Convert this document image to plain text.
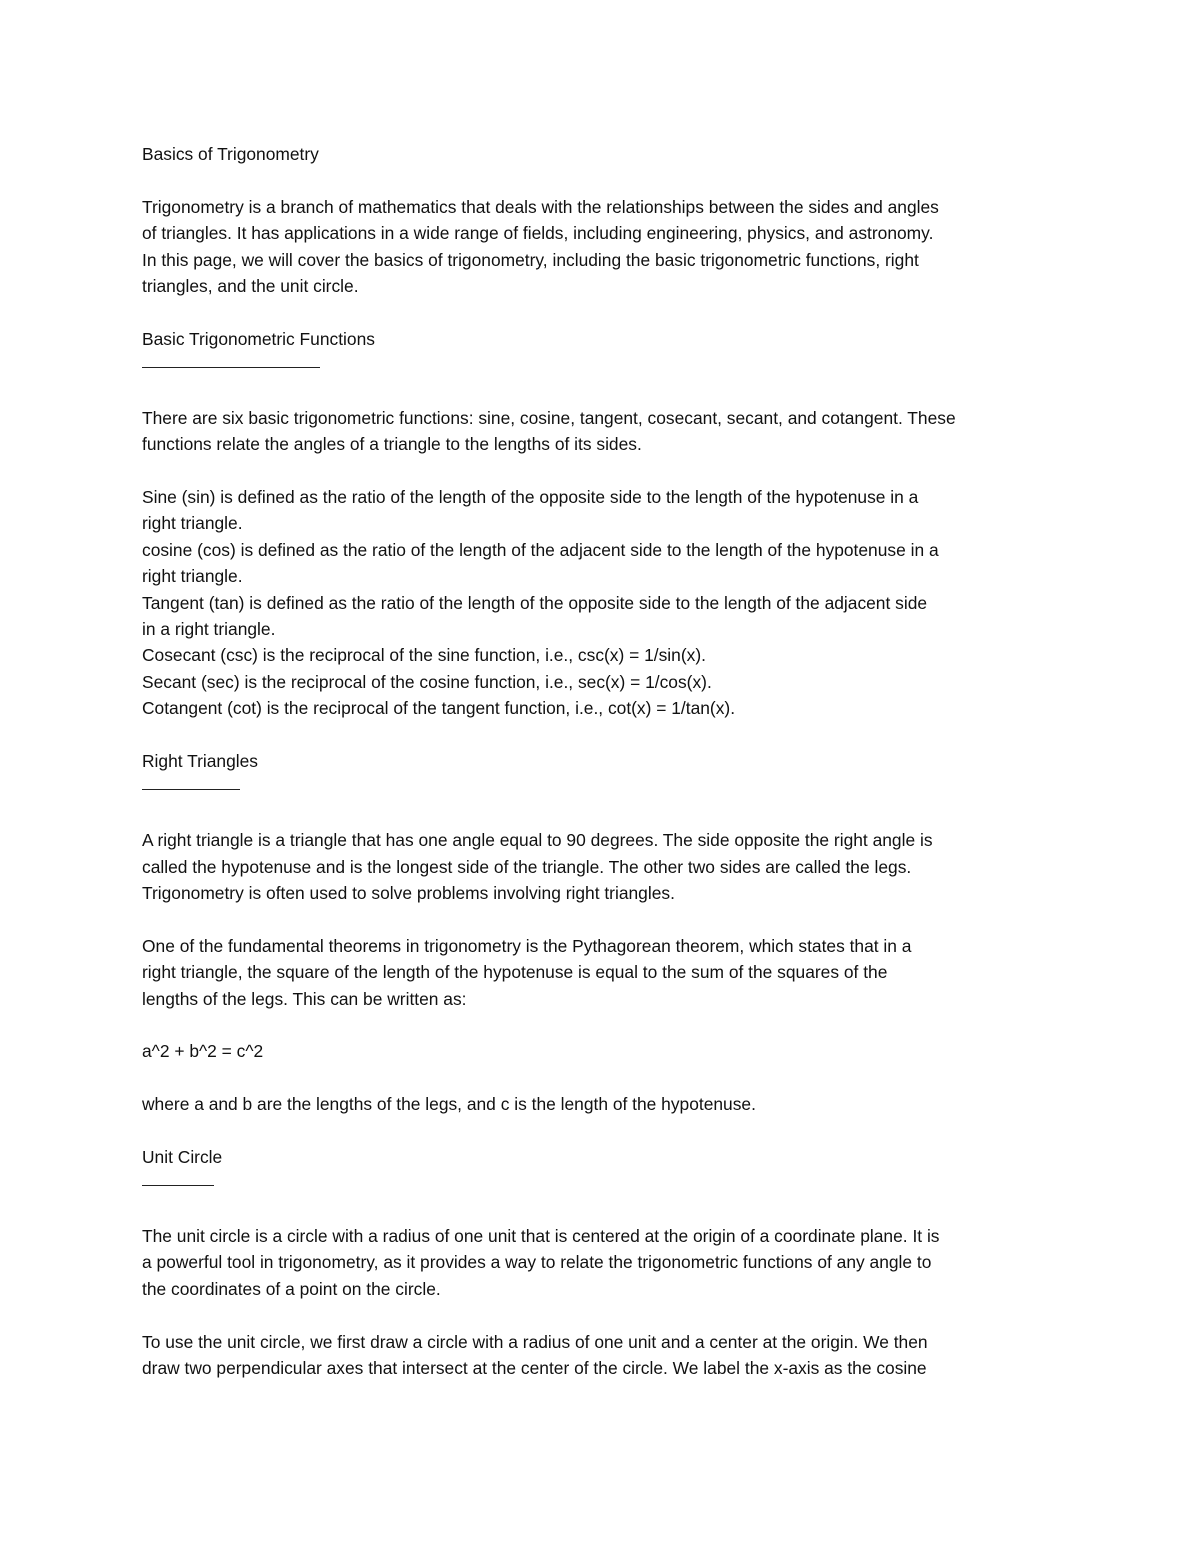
Basics of Trigonometry
Trigonometry is a branch of mathematics that deals with the relationships between the sides and angles
of triangles. It has applications in a wide range of fields, including engineering, physics, and astronomy.
In this page, we will cover the basics of trigonometry, including the basic trigonometric functions, right
triangles, and the unit circle.
Basic Trigonometric Functions
There are six basic trigonometric functions: sine, cosine, tangent, cosecant, secant, and cotangent. These
functions relate the angles of a triangle to the lengths of its sides.
Sine (sin) is defined as the ratio of the length of the opposite side to the length of the hypotenuse in a
right triangle.
cosine (cos) is defined as the ratio of the length of the adjacent side to the length of the hypotenuse in a
right triangle.
Tangent (tan) is defined as the ratio of the length of the opposite side to the length of the adjacent side
in a right triangle.
Cosecant (csc) is the reciprocal of the sine function, i.e., csc(x) = 1/sin(x).
Secant (sec) is the reciprocal of the cosine function, i.e., sec(x) = 1/cos(x).
Cotangent (cot) is the reciprocal of the tangent function, i.e., cot(x) = 1/tan(x).
Right Triangles
A right triangle is a triangle that has one angle equal to 90 degrees. The side opposite the right angle is
called the hypotenuse and is the longest side of the triangle. The other two sides are called the legs.
Trigonometry is often used to solve problems involving right triangles.
One of the fundamental theorems in trigonometry is the Pythagorean theorem, which states that in a
right triangle, the square of the length of the hypotenuse is equal to the sum of the squares of the
lengths of the legs. This can be written as:
a^2 + b^2 = c^2
where a and b are the lengths of the legs, and c is the length of the hypotenuse.
Unit Circle
The unit circle is a circle with a radius of one unit that is centered at the origin of a coordinate plane. It is
a powerful tool in trigonometry, as it provides a way to relate the trigonometric functions of any angle to
the coordinates of a point on the circle.
To use the unit circle, we first draw a circle with a radius of one unit and a center at the origin. We then
draw two perpendicular axes that intersect at the center of the circle. We label the x-axis as the cosine
